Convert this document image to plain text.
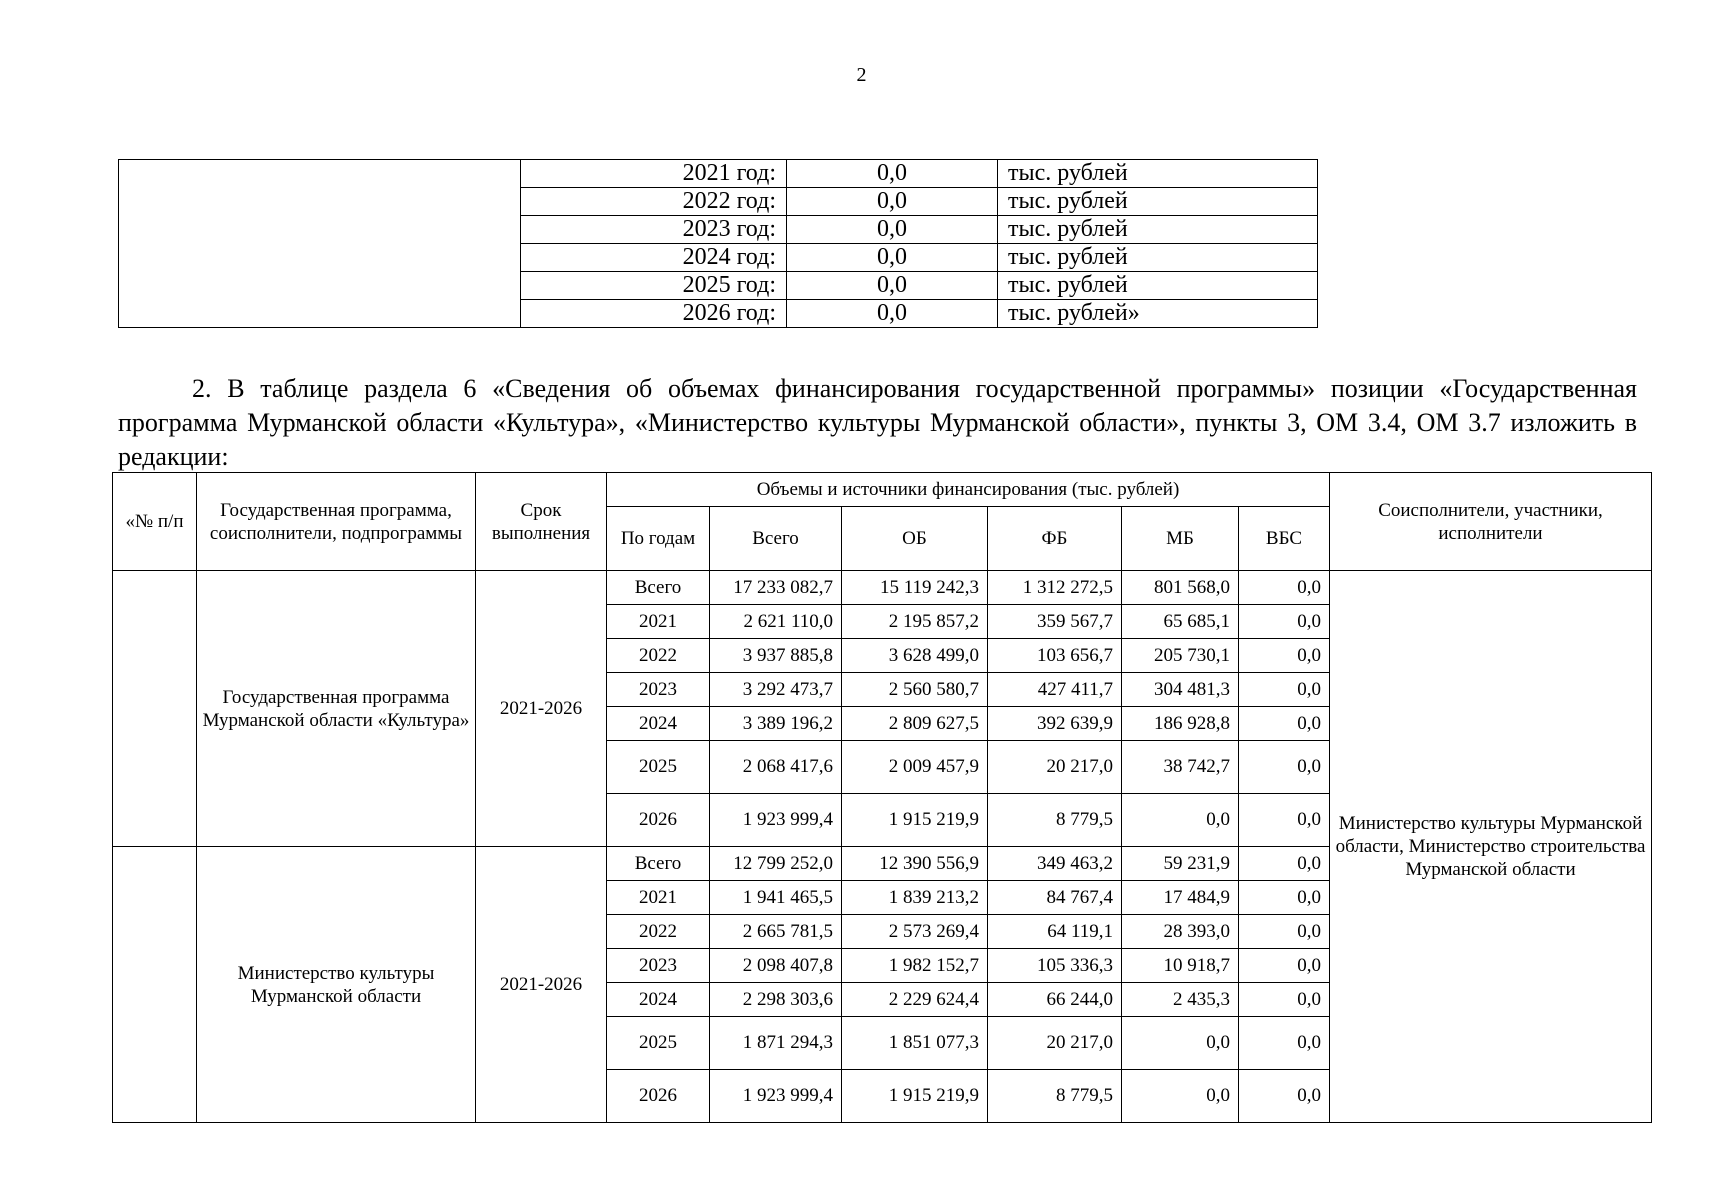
2
	2021 год:	0,0	тыс. рублей
	2022 год:	0,0	тыс. рублей
	2023 год:	0,0	тыс. рублей
	2024 год:	0,0	тыс. рублей
	2025 год:	0,0	тыс. рублей
	2026 год:	0,0	тыс. рублей»
2. В таблице раздела 6 «Сведения об объемах финансирования государственной программы» позиции «Государственная программа Мурманской области «Культура», «Министерство культуры Мурманской области», пункты 3, ОМ 3.4, ОМ 3.7 изложить в редакции:
«№ п/п	Государственная программа, соисполнители, подпрограммы	Срок выполнения	Объемы и источники финансирования (тыс. рублей)						Соисполнители, участники, исполнители
			По годам	Всего	ОБ	ФБ	МБ	ВБС	
	Государственная программа Мурманской области «Культура»	2021-2026	Всего	17 233 082,7	15 119 242,3	1 312 272,5	801 568,0	0,0	Министерство культуры Мурманской области, Министерство строительства Мурманской области
			2021	2 621 110,0	2 195 857,2	359 567,7	65 685,1	0,0	
			2022	3 937 885,8	3 628 499,0	103 656,7	205 730,1	0,0	
			2023	3 292 473,7	2 560 580,7	427 411,7	304 481,3	0,0	
			2024	3 389 196,2	2 809 627,5	392 639,9	186 928,8	0,0	
			2025	2 068 417,6	2 009 457,9	20 217,0	38 742,7	0,0	
			2026	1 923 999,4	1 915 219,9	8 779,5	0,0	0,0	
	Министерство культуры Мурманской области	2021-2026	Всего	12 799 252,0	12 390 556,9	349 463,2	59 231,9	0,0	
			2021	1 941 465,5	1 839 213,2	84 767,4	17 484,9	0,0	
			2022	2 665 781,5	2 573 269,4	64 119,1	28 393,0	0,0	
			2023	2 098 407,8	1 982 152,7	105 336,3	10 918,7	0,0	
			2024	2 298 303,6	2 229 624,4	66 244,0	2 435,3	0,0	
			2025	1 871 294,3	1 851 077,3	20 217,0	0,0	0,0	
			2026	1 923 999,4	1 915 219,9	8 779,5	0,0	0,0	
